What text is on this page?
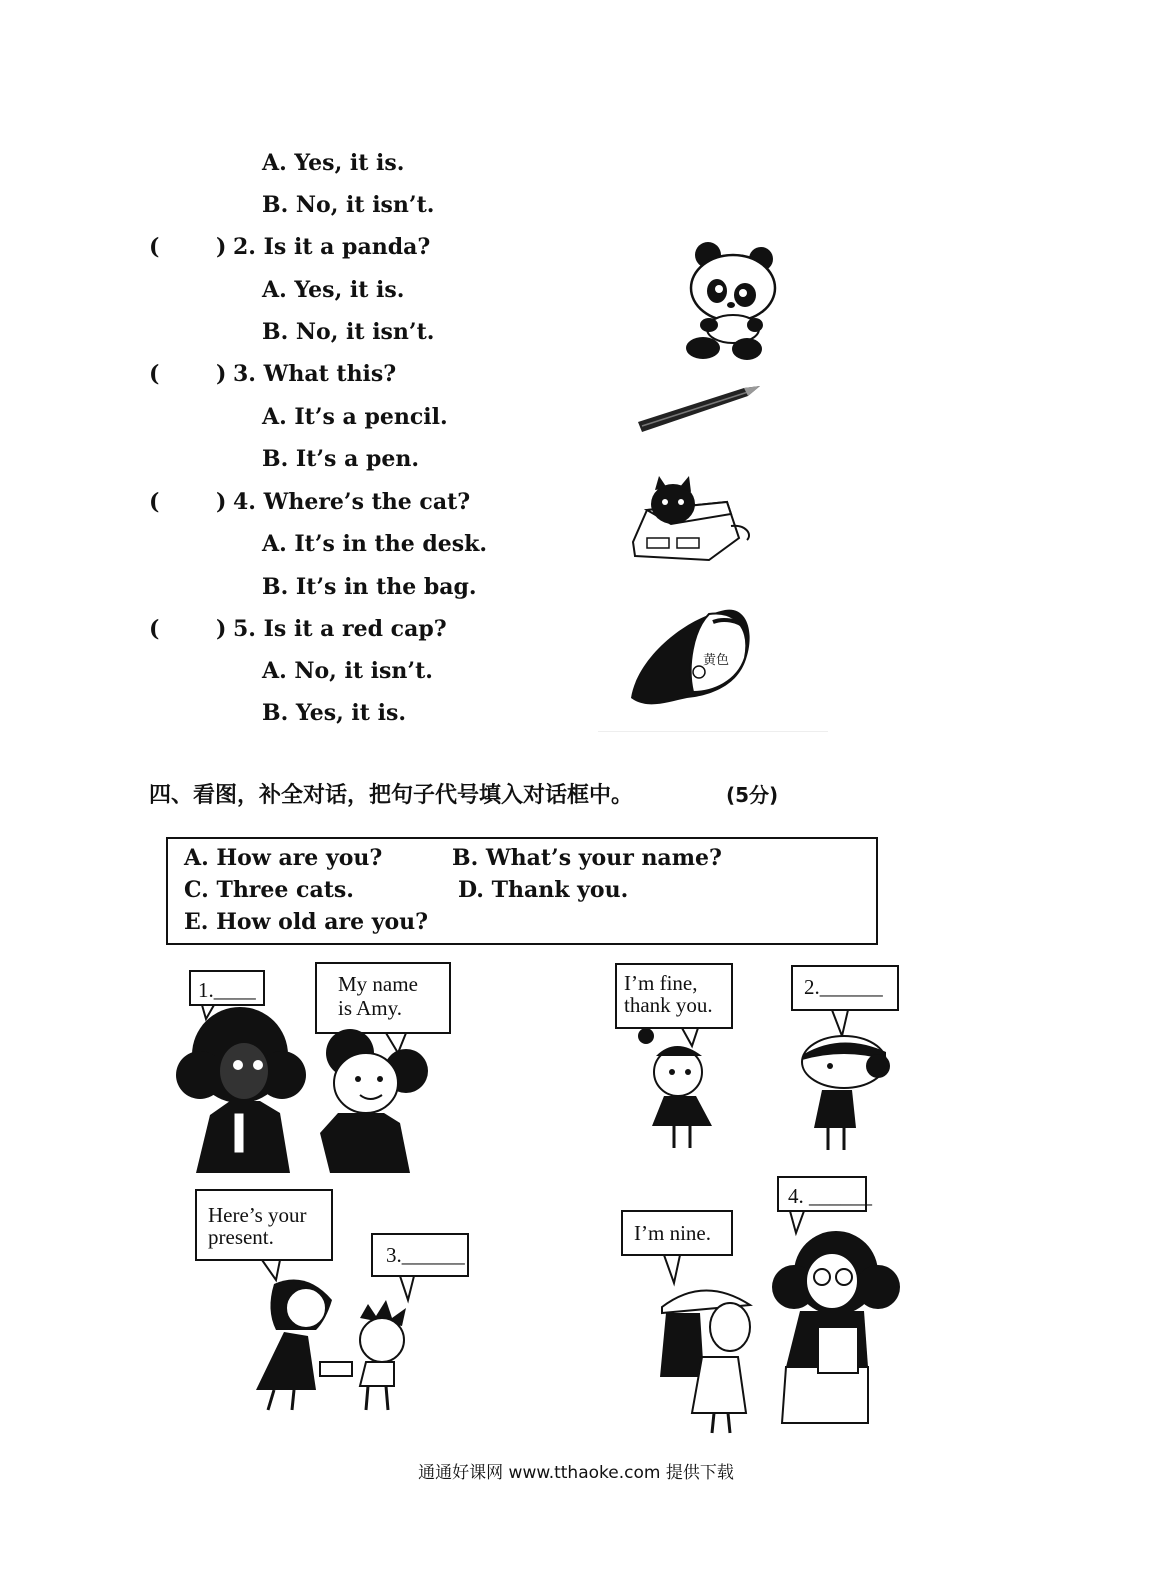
A. Yes, it is.
B. No, it isn’t.
(	) 2. Is it a panda?
A. Yes, it is.
B. No, it isn’t.
(	) 3. What this?
A. It’s a pencil.
B. It’s a pen.
(	) 4. Where’s the cat?
A. It’s in the desk.
B. It’s in the bag.
(	) 5. Is it a red cap?
A. No, it isn’t.
B. Yes, it is.
黄色
四、看图，补全对话，把句子代号填入对话框中。	(5分)
A. How are you?	B. What’s your name?
C. Three cats.	D. Thank you.
E. How old are you?
1.____	My name
is Amy.
I’m fine,
thank you.
2.______
Here’s your
present.
3.______
I’m nine.
4. ______
通通好课网 www.tthaoke.com 提供下载
